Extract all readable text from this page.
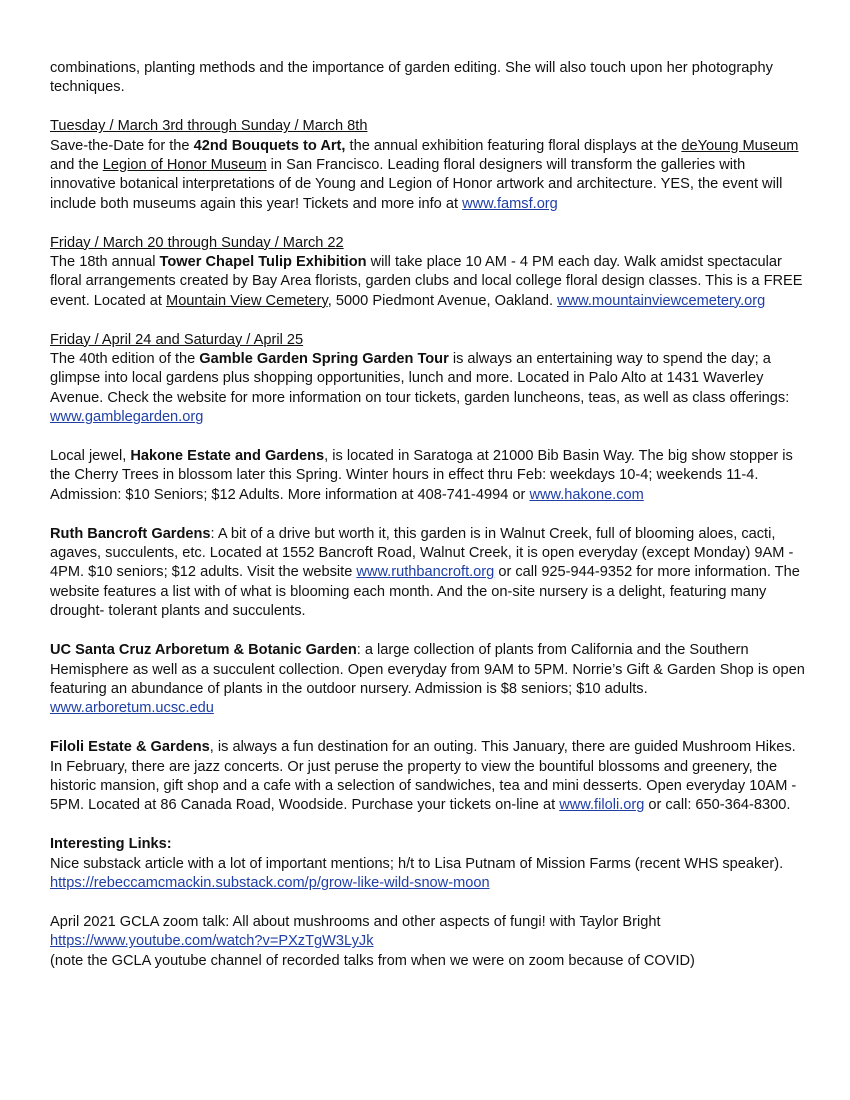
combinations, planting methods and the importance of garden editing. She will also touch upon her photography
techniques.

Tuesday / March 3rd through Sunday / March 8th
Save-the-Date for the 42nd Bouquets to Art, the annual exhibition featuring floral displays at the deYoung Museum
and the Legion of Honor Museum in San Francisco. Leading floral designers will transform the galleries with innovative botanical interpretations of de Young and Legion of Honor artwork and architecture. YES, the event will include both museums again this year! Tickets and more info at www.famsf.org

Friday / March 20 through Sunday / March 22
The 18th annual Tower Chapel Tulip Exhibition will take place 10 AM - 4 PM each day. Walk amidst spectacular floral arrangements created by Bay Area florists, garden clubs and local college floral design classes. This is a FREE event. Located at Mountain View Cemetery, 5000 Piedmont Avenue, Oakland. www.mountainviewcemetery.org

Friday / April 24 and Saturday / April 25
The 40th edition of the Gamble Garden Spring Garden Tour is always an entertaining way to spend the day; a glimpse into local gardens plus shopping opportunities, lunch and more. Located in Palo Alto at 1431 Waverley Avenue. Check the website for more information on tour tickets, garden luncheons, teas, as well as class offerings: www.gamblegarden.org

Local jewel, Hakone Estate and Gardens, is located in Saratoga at 21000 Bib Basin Way. The big show stopper is the Cherry Trees in blossom later this Spring. Winter hours in effect thru Feb: weekdays 10-4; weekends 11-4. Admission: $10 Seniors; $12 Adults. More information at 408-741-4994 or www.hakone.com

Ruth Bancroft Gardens: A bit of a drive but worth it, this garden is in Walnut Creek, full of blooming aloes, cacti, agaves, succulents, etc. Located at 1552 Bancroft Road, Walnut Creek, it is open everyday (except Monday) 9AM - 4PM. $10 seniors; $12 adults. Visit the website www.ruthbancroft.org or call 925-944-9352 for more information. The website features a list with of what is blooming each month. And the on-site nursery is a delight, featuring many drought- tolerant plants and succulents.

UC Santa Cruz Arboretum & Botanic Garden: a large collection of plants from California and the Southern Hemisphere as well as a succulent collection. Open everyday from 9AM to 5PM. Norrie’s Gift & Garden Shop is open featuring an abundance of plants in the outdoor nursery. Admission is $8 seniors; $10 adults.
www.arboretum.ucsc.edu

Filoli Estate & Gardens, is always a fun destination for an outing. This January, there are guided Mushroom Hikes. In February, there are jazz concerts. Or just peruse the property to view the bountiful blossoms and greenery, the historic mansion, gift shop and a cafe with a selection of sandwiches, tea and mini desserts. Open everyday 10AM - 5PM. Located at 86 Canada Road, Woodside. Purchase your tickets on-line at www.filoli.org or call: 650-364-8300.

Interesting Links:
Nice substack article with a lot of important mentions; h/t to Lisa Putnam of Mission Farms (recent WHS speaker).
https://rebeccamcmackin.substack.com/p/grow-like-wild-snow-moon

April 2021 GCLA zoom talk: All about mushrooms and other aspects of fungi! with Taylor Bright
https://www.youtube.com/watch?v=PXzTgW3LyJk
(note the GCLA youtube channel of recorded talks from when we were on zoom because of COVID)
